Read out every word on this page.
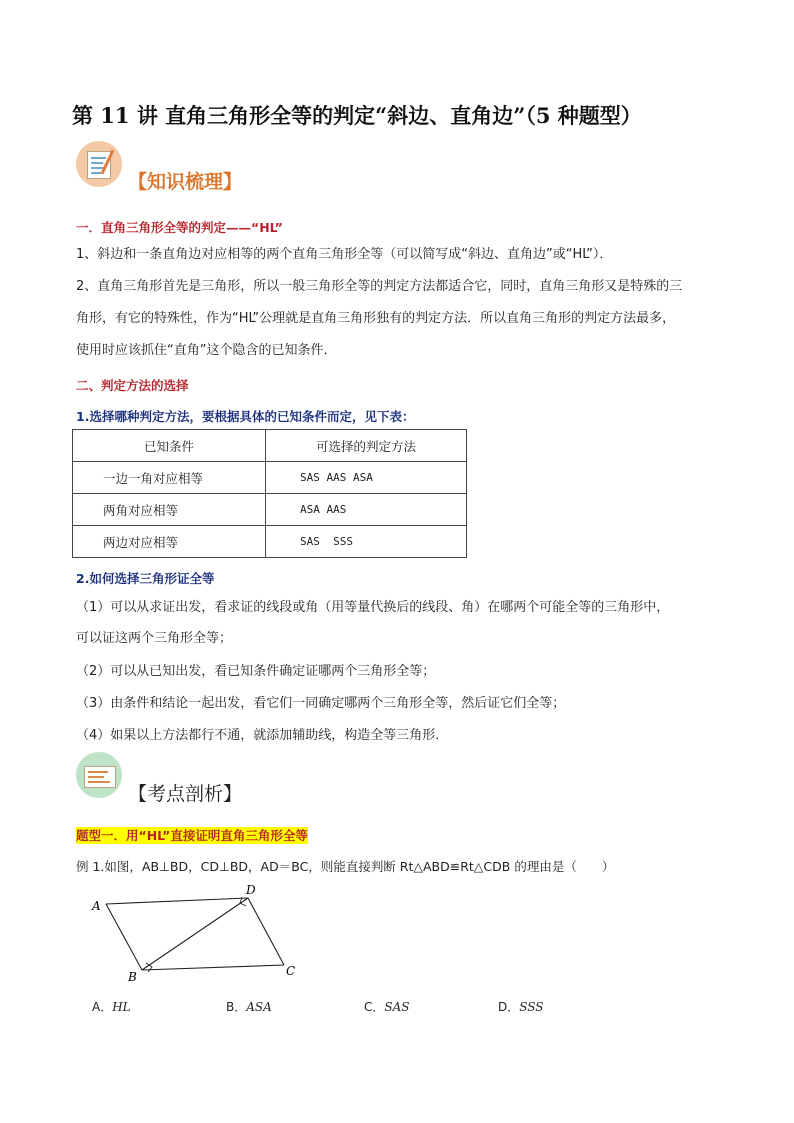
第 11 讲 直角三角形全等的判定“斜边、直角边”（5 种题型）
【知识梳理】
一．直角三角形全等的判定——“HL”
1、斜边和一条直角边对应相等的两个直角三角形全等（可以简写成“斜边、直角边”或“HL”）．
2、直角三角形首先是三角形，所以一般三角形全等的判定方法都适合它，同时，直角三角形又是特殊的三
角形，有它的特殊性，作为“HL”公理就是直角三角形独有的判定方法．所以直角三角形的判定方法最多，
使用时应该抓住“直角”这个隐含的已知条件．
二、判定方法的选择
1.选择哪种判定方法，要根据具体的已知条件而定，见下表：
已知条件	可选择的判定方法
一边一角对应相等	SAS AAS ASA
两角对应相等	ASA AAS
两边对应相等	SAS  SSS
2.如何选择三角形证全等
（1）可以从求证出发，看求证的线段或角（用等量代换后的线段、角）在哪两个可能全等的三角形中，
可以证这两个三角形全等；
（2）可以从已知出发，看已知条件确定证哪两个三角形全等；
（3）由条件和结论一起出发，看它们一同确定哪两个三角形全等，然后证它们全等；
（4）如果以上方法都行不通，就添加辅助线，构造全等三角形．
【考点剖析】
题型一．用“HL”直接证明直角三角形全等
例 1.如图，AB⊥BD，CD⊥BD，AD＝BC，则能直接判断 Rt△ABD≌Rt△CDB 的理由是（　　）
A
D
C
B
A．HL	B．ASA	C．SAS	D．SSS
